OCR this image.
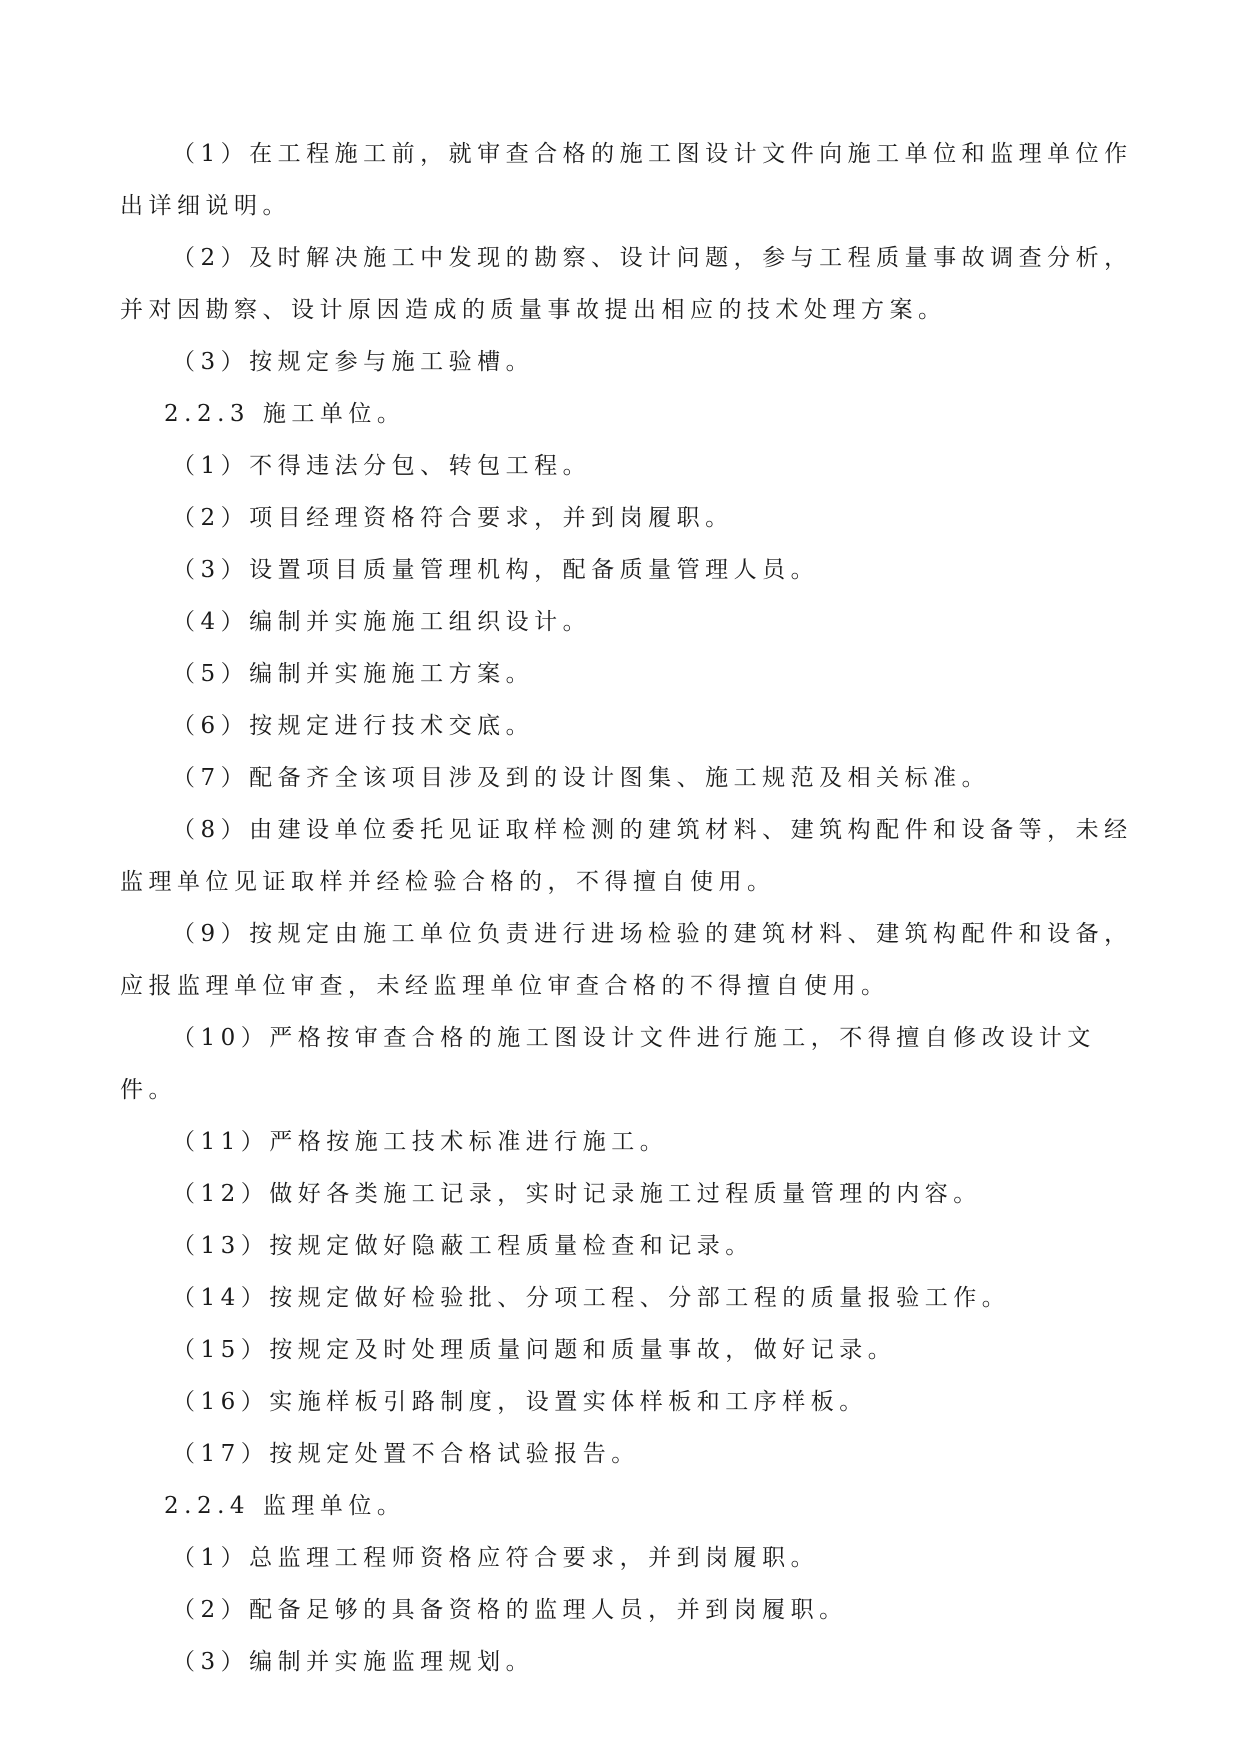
（1）在工程施工前，就审查合格的施工图设计文件向施工单位和监理单位作出详细说明。

（2）及时解决施工中发现的勘察、设计问题，参与工程质量事故调查分析，并对因勘察、设计原因造成的质量事故提出相应的技术处理方案。

（3）按规定参与施工验槽。

2.2.3 施工单位。

（1）不得违法分包、转包工程。

（2）项目经理资格符合要求，并到岗履职。

（3）设置项目质量管理机构，配备质量管理人员。

（4）编制并实施施工组织设计。

（5）编制并实施施工方案。

（6）按规定进行技术交底。

（7）配备齐全该项目涉及到的设计图集、施工规范及相关标准。

（8）由建设单位委托见证取样检测的建筑材料、建筑构配件和设备等，未经监理单位见证取样并经检验合格的，不得擅自使用。

（9）按规定由施工单位负责进行进场检验的建筑材料、建筑构配件和设备，应报监理单位审查，未经监理单位审查合格的不得擅自使用。

（10）严格按审查合格的施工图设计文件进行施工，不得擅自修改设计文件。

（11）严格按施工技术标准进行施工。

（12）做好各类施工记录，实时记录施工过程质量管理的内容。

（13）按规定做好隐蔽工程质量检查和记录。

（14）按规定做好检验批、分项工程、分部工程的质量报验工作。

（15）按规定及时处理质量问题和质量事故，做好记录。

（16）实施样板引路制度，设置实体样板和工序样板。

（17）按规定处置不合格试验报告。

2.2.4 监理单位。

（1）总监理工程师资格应符合要求，并到岗履职。

（2）配备足够的具备资格的监理人员，并到岗履职。

（3）编制并实施监理规划。
